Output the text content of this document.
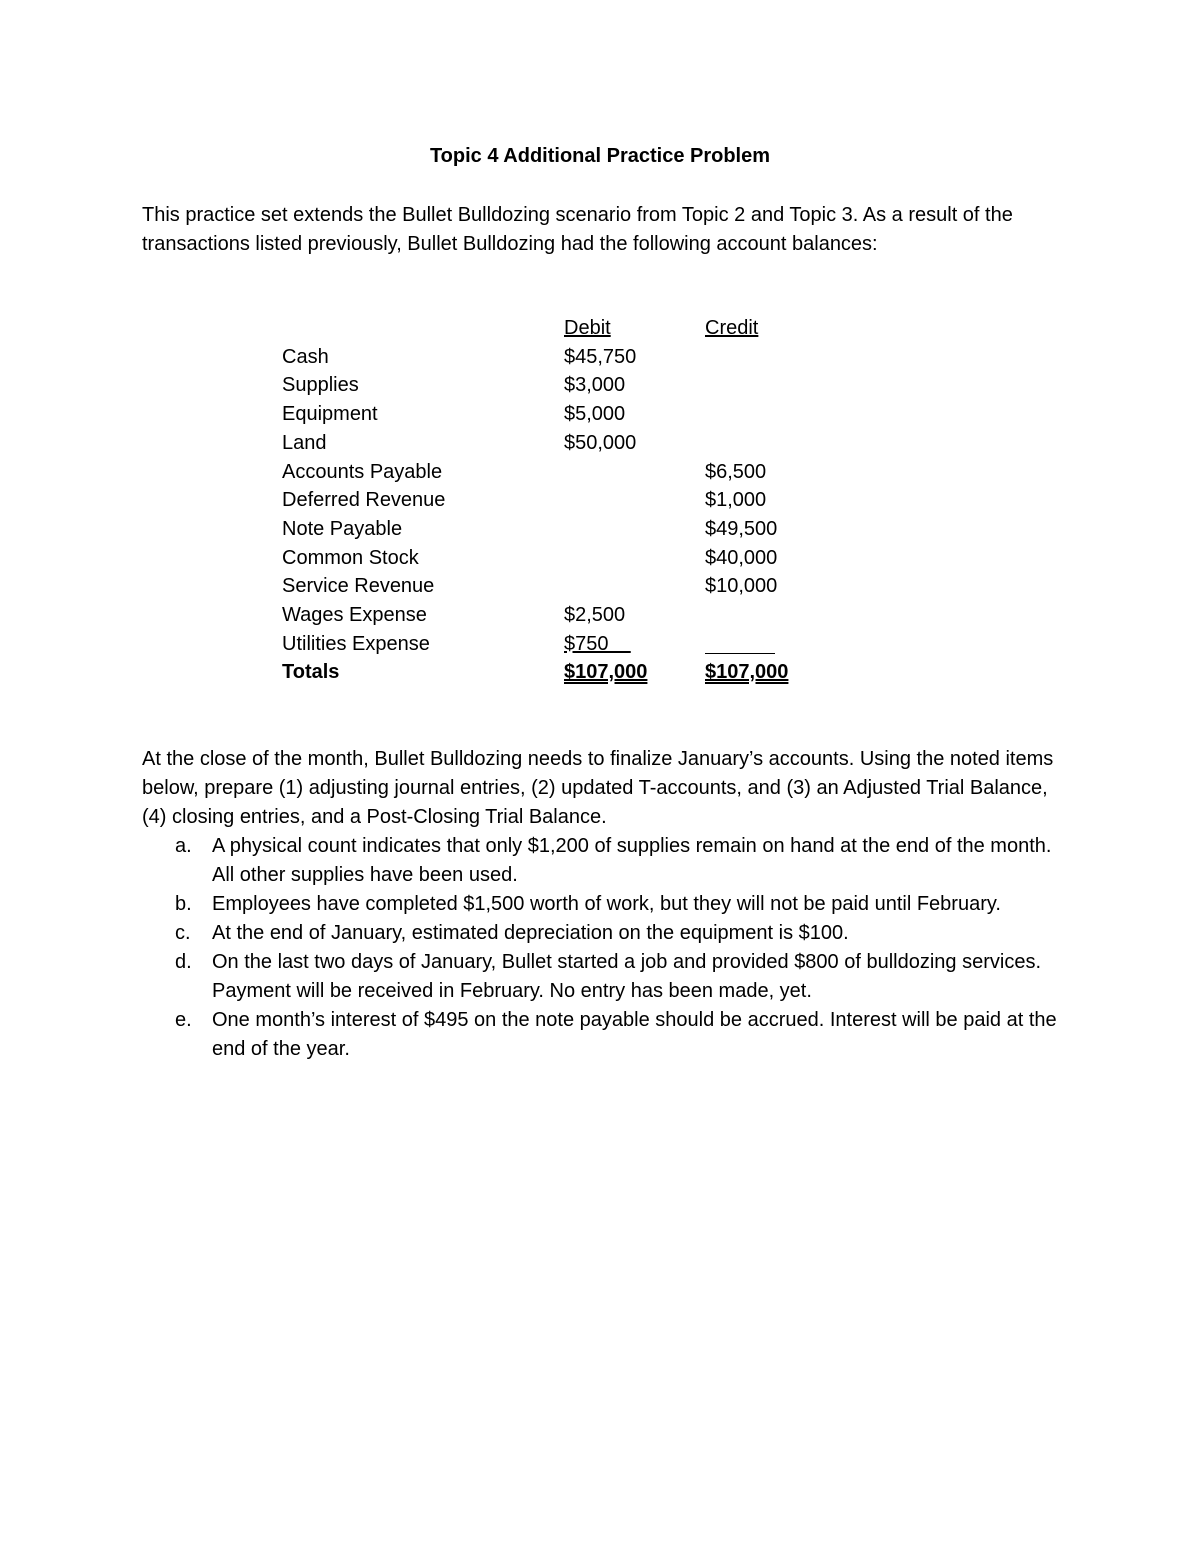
Topic 4 Additional Practice Problem
This practice set extends the Bullet Bulldozing scenario from Topic 2 and Topic 3. As a result of the transactions listed previously, Bullet Bulldozing had the following account balances:
	Debit	Credit
Cash	$45,750	
Supplies	$3,000	
Equipment	$5,000	
Land	$50,000	
Accounts Payable		$6,500
Deferred Revenue		$1,000
Note Payable		$49,500
Common Stock		$40,000
Service Revenue		$10,000
Wages Expense	$2,500	
Utilities Expense	$750	
Totals	$107,000	$107,000
At the close of the month, Bullet Bulldozing needs to finalize January’s accounts. Using the noted items below, prepare (1) adjusting journal entries, (2) updated T-accounts, and (3) an Adjusted Trial Balance, (4) closing entries, and a Post-Closing Trial Balance.
a. A physical count indicates that only $1,200 of supplies remain on hand at the end of the month. All other supplies have been used.
b. Employees have completed $1,500 worth of work, but they will not be paid until February.
c. At the end of January, estimated depreciation on the equipment is $100.
d. On the last two days of January, Bullet started a job and provided $800 of bulldozing services. Payment will be received in February. No entry has been made, yet.
e. One month’s interest of $495 on the note payable should be accrued. Interest will be paid at the end of the year.
